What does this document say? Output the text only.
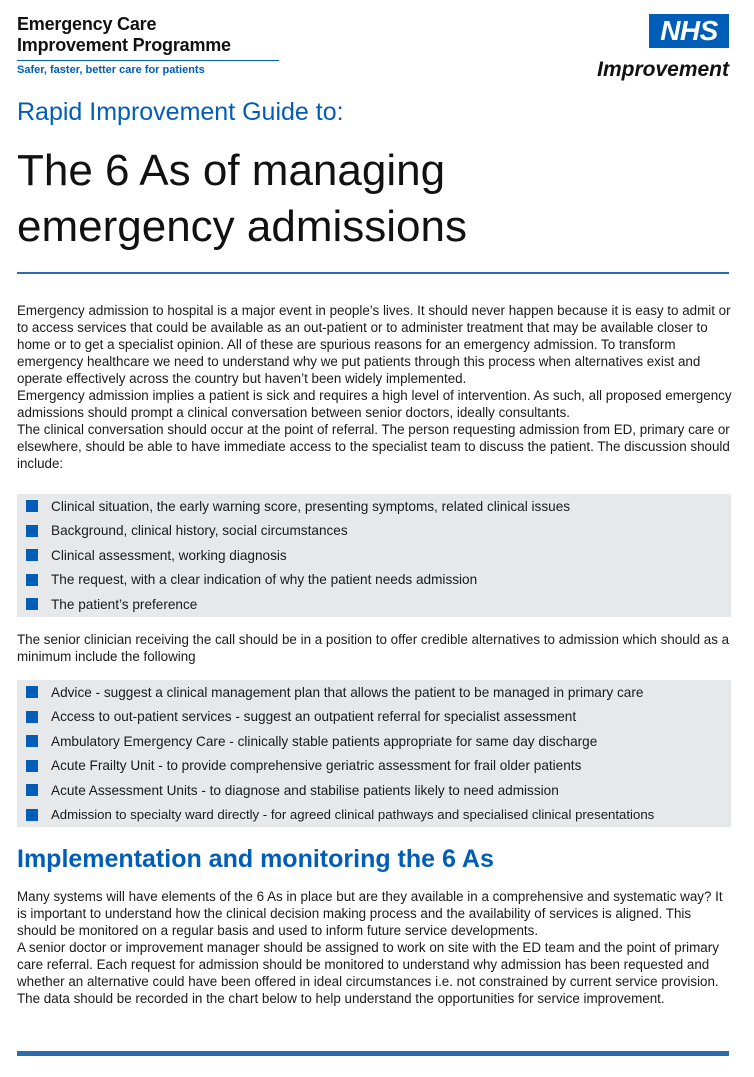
Emergency Care
Improvement Programme
Safer, faster, better care for patients
NHS
Improvement
Rapid Improvement Guide to:
The 6 As of managing
emergency admissions

Emergency admission to hospital is a major event in people’s lives. It should never happen because it is easy to admit or to access services that could be available as an out-patient or to administer treatment that may be available closer to home or to get a specialist opinion. All of these are spurious reasons for an emergency admission. To transform emergency healthcare we need to understand why we put patients through this process when alternatives exist and operate effectively across the country but haven’t been widely implemented.

Emergency admission implies a patient is sick and requires a high level of intervention. As such, all proposed emergency admissions should prompt a clinical conversation between senior doctors, ideally consultants.

The clinical conversation should occur at the point of referral. The person requesting admission from ED, primary care or elsewhere, should be able to have immediate access to the specialist team to discuss the patient. The discussion should include:

Clinical situation, the early warning score, presenting symptoms, related clinical issues
Background, clinical history, social circumstances
Clinical assessment, working diagnosis
The request, with a clear indication of why the patient needs admission
The patient’s preference

The senior clinician receiving the call should be in a position to offer credible alternatives to admission which should as a minimum include the following

Advice - suggest a clinical management plan that allows the patient to be managed in primary care
Access to out-patient services - suggest an outpatient referral for specialist assessment
Ambulatory Emergency Care - clinically stable patients appropriate for same day discharge
Acute Frailty Unit - to provide comprehensive geriatric assessment for frail older patients
Acute Assessment Units - to diagnose and stabilise patients likely to need admission
Admission to specialty ward directly - for agreed clinical pathways and specialised clinical presentations
Implementation and monitoring the 6 As

Many systems will have elements of the 6 As in place but are they available in a comprehensive and systematic way? It is important to understand how the clinical decision making process and the availability of services is aligned. This should be monitored on a regular basis and used to inform future service developments.

A senior doctor or improvement manager should be assigned to work on site with the ED team and the point of primary care referral. Each request for admission should be monitored to understand why admission has been requested and whether an alternative could have been offered in ideal circumstances i.e. not constrained by current service provision. The data should be recorded in the chart below to help understand the opportunities for service improvement.
